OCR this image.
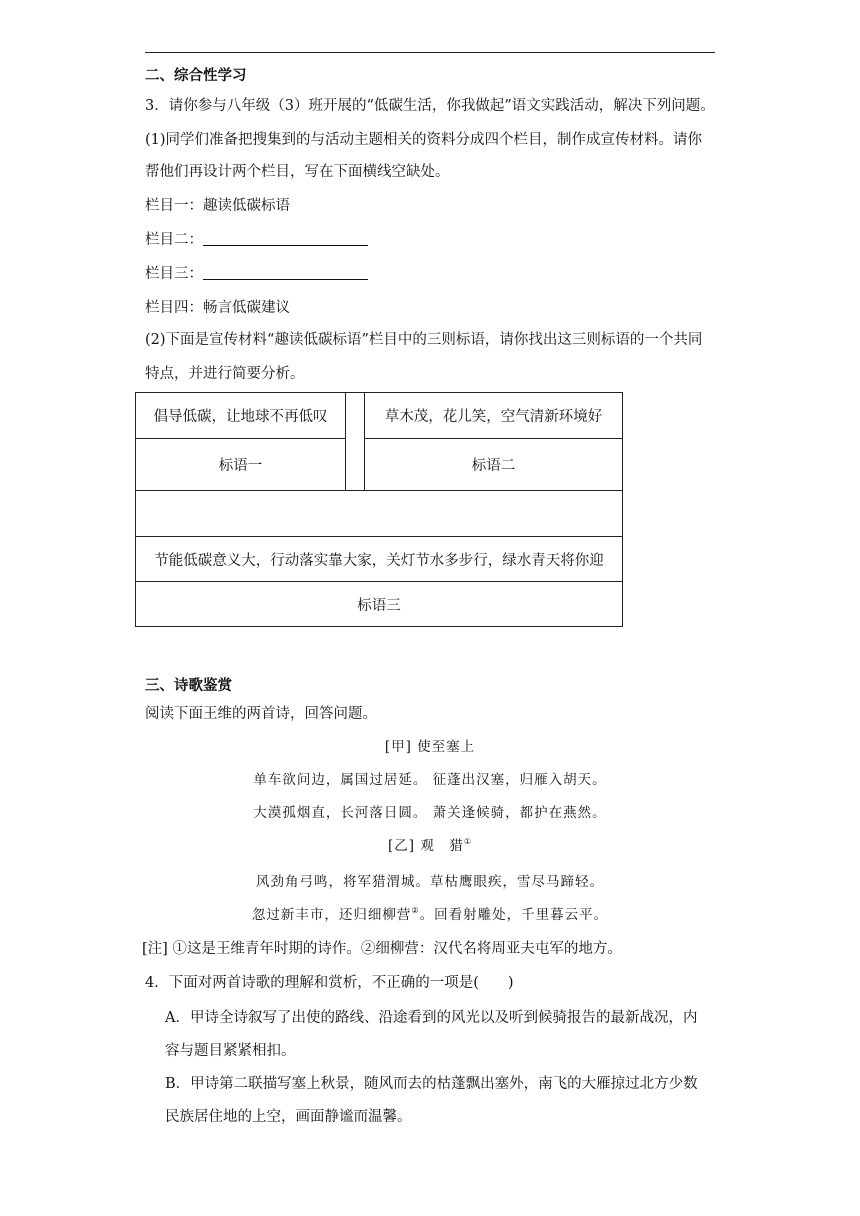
二、综合性学习
3．请你参与八年级（3）班开展的“低碳生活，你我做起”语文实践活动，解决下列问题。
(1)同学们准备把搜集到的与活动主题相关的资料分成四个栏目，制作成宣传材料。请你
帮他们再设计两个栏目，写在下面横线空缺处。
栏目一：趣读低碳标语
栏目二：
栏目三：
栏目四：畅言低碳建议
(2)下面是宣传材料“趣读低碳标语”栏目中的三则标语，请你找出这三则标语的一个共同
特点，并进行简要分析。
倡导低碳，让地球不再低叹
标语一
草木茂，花儿笑，空气清新环境好
标语二
节能低碳意义大，行动落实靠大家，关灯节水多步行，绿水青天将你迎
标语三
三、诗歌鉴赏
阅读下面王维的两首诗，回答问题。
[甲] 使至塞上
单车欲问边，属国过居延。 征蓬出汉塞，归雁入胡天。
大漠孤烟直，长河落日圆。 萧关逢候骑，都护在燕然。
[乙] 观　猎①
风劲角弓鸣，将军猎渭城。草枯鹰眼疾，雪尽马蹄轻。
忽过新丰市，还归细柳营②。回看射雕处，千里暮云平。
[注] ①这是王维青年时期的诗作。②细柳营：汉代名将周亚夫屯军的地方。
4．下面对两首诗歌的理解和赏析，不正确的一项是(　　)
A．甲诗全诗叙写了出使的路线、沿途看到的风光以及听到候骑报告的最新战况，内
容与题目紧紧相扣。
B．甲诗第二联描写塞上秋景，随风而去的枯蓬飘出塞外，南飞的大雁掠过北方少数
民族居住地的上空，画面静谧而温馨。
